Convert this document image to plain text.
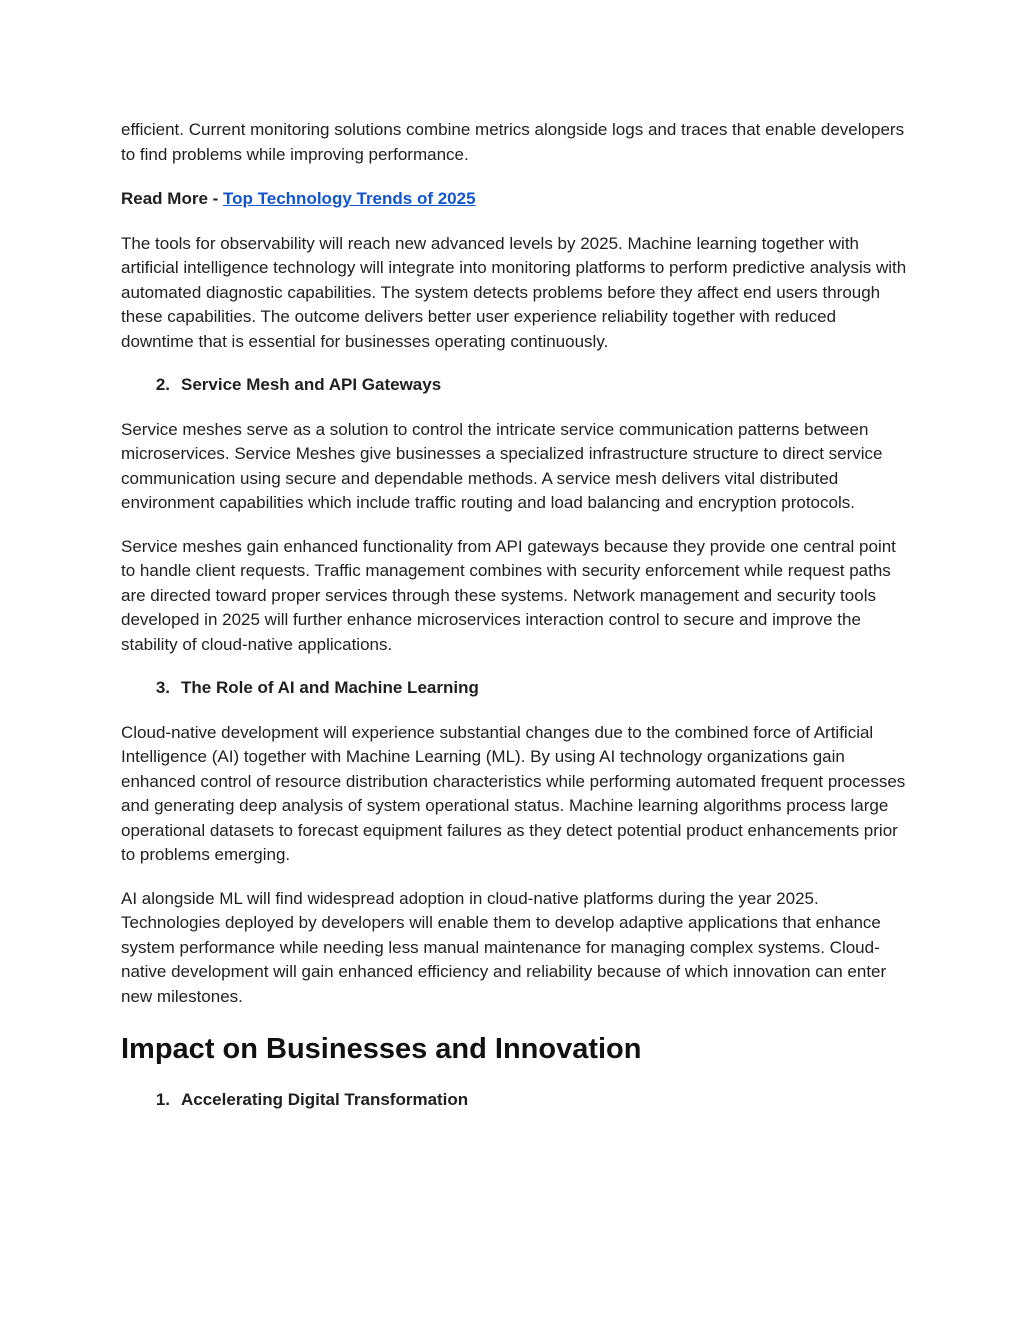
efficient. Current monitoring solutions combine metrics alongside logs and traces that enable developers to find problems while improving performance.

Read More - Top Technology Trends of 2025

The tools for observability will reach new advanced levels by 2025. Machine learning together with artificial intelligence technology will integrate into monitoring platforms to perform predictive analysis with automated diagnostic capabilities. The system detects problems before they affect end users through these capabilities. The outcome delivers better user experience reliability together with reduced downtime that is essential for businesses operating continuously.

2. Service Mesh and API Gateways

Service meshes serve as a solution to control the intricate service communication patterns between microservices. Service Meshes give businesses a specialized infrastructure structure to direct service communication using secure and dependable methods. A service mesh delivers vital distributed environment capabilities which include traffic routing and load balancing and encryption protocols.

Service meshes gain enhanced functionality from API gateways because they provide one central point to handle client requests. Traffic management combines with security enforcement while request paths are directed toward proper services through these systems. Network management and security tools developed in 2025 will further enhance microservices interaction control to secure and improve the stability of cloud-native applications.

3. The Role of AI and Machine Learning

Cloud-native development will experience substantial changes due to the combined force of Artificial Intelligence (AI) together with Machine Learning (ML). By using AI technology organizations gain enhanced control of resource distribution characteristics while performing automated frequent processes and generating deep analysis of system operational status. Machine learning algorithms process large operational datasets to forecast equipment failures as they detect potential product enhancements prior to problems emerging.

AI alongside ML will find widespread adoption in cloud-native platforms during the year 2025. Technologies deployed by developers will enable them to develop adaptive applications that enhance system performance while needing less manual maintenance for managing complex systems. Cloud-native development will gain enhanced efficiency and reliability because of which innovation can enter new milestones.

Impact on Businesses and Innovation
1. Accelerating Digital Transformation
